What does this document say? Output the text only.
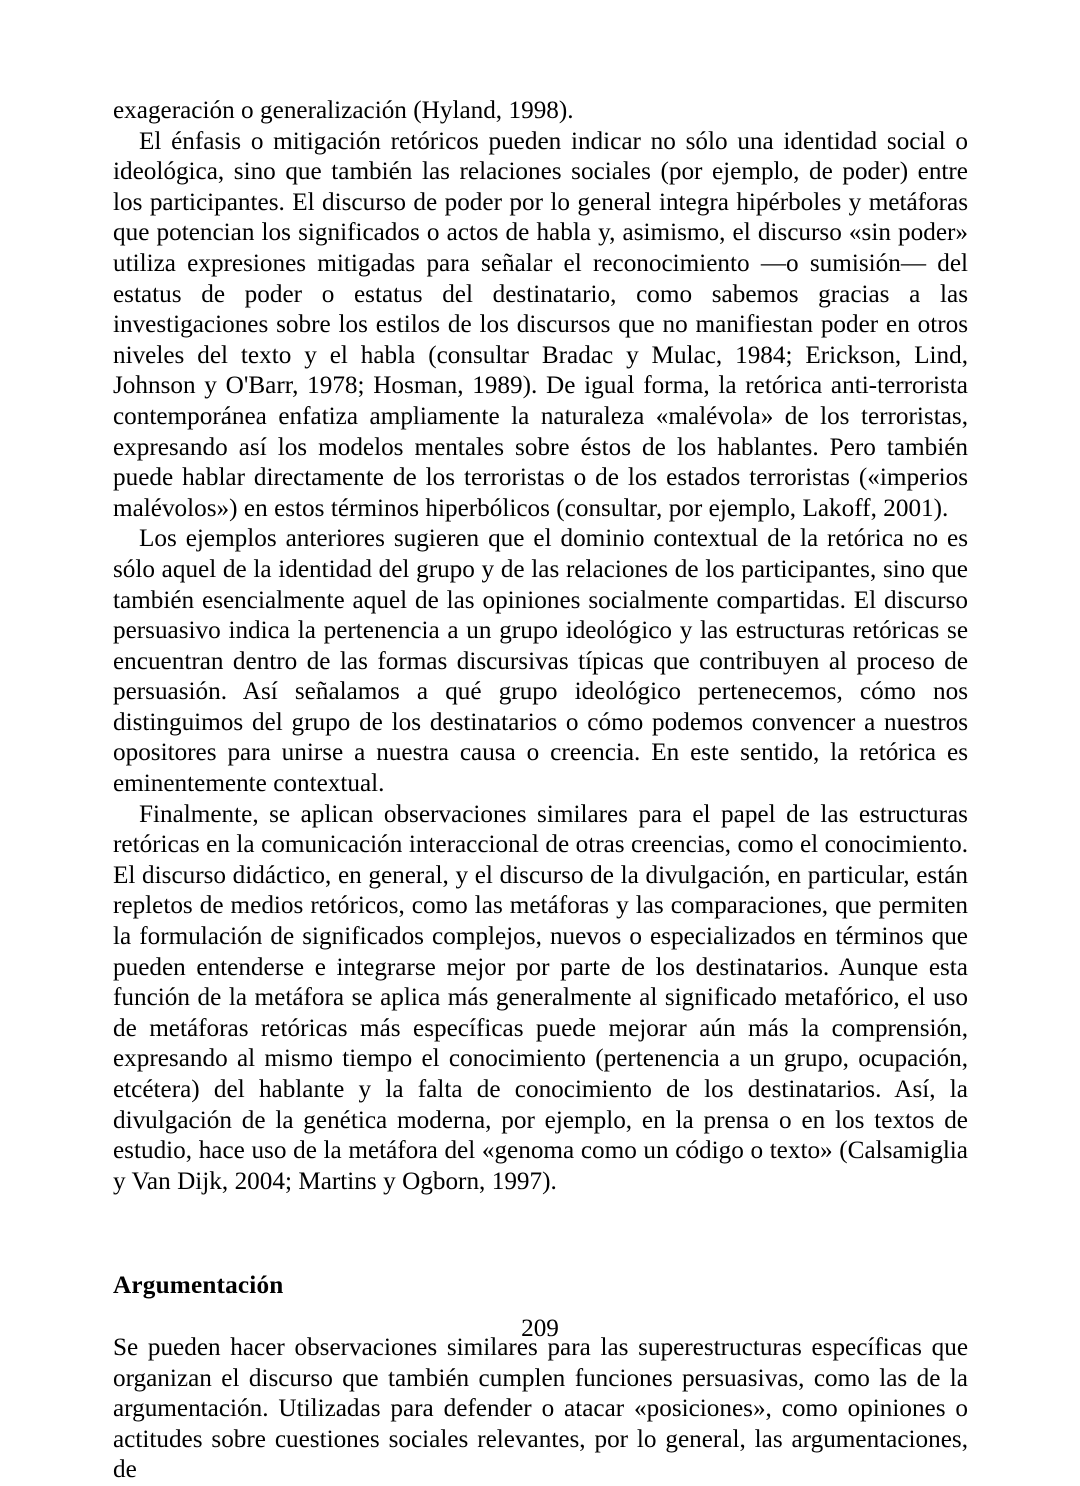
exageración o generalización (Hyland, 1998).

El énfasis o mitigación retóricos pueden indicar no sólo una identidad social o ideológica, sino que también las relaciones sociales (por ejemplo, de poder) entre los participantes. El discurso de poder por lo general integra hipérboles y metáforas que potencian los significados o actos de habla y, asimismo, el discurso «sin poder» utiliza expresiones mitigadas para señalar el reconocimiento —o sumisión— del estatus de poder o estatus del destinatario, como sabemos gracias a las investigaciones sobre los estilos de los discursos que no manifiestan poder en otros niveles del texto y el habla (consultar Bradac y Mulac, 1984; Erickson, Lind, Johnson y O'Barr, 1978; Hosman, 1989). De igual forma, la retórica anti-terrorista contemporánea enfatiza ampliamente la naturaleza «malévola» de los terroristas, expresando así los modelos mentales sobre éstos de los hablantes. Pero también puede hablar directamente de los terroristas o de los estados terroristas («imperios malévolos») en estos términos hiperbólicos (consultar, por ejemplo, Lakoff, 2001).

Los ejemplos anteriores sugieren que el dominio contextual de la retórica no es sólo aquel de la identidad del grupo y de las relaciones de los participantes, sino que también esencialmente aquel de las opiniones socialmente compartidas. El discurso persuasivo indica la pertenencia a un grupo ideológico y las estructuras retóricas se encuentran dentro de las formas discursivas típicas que contribuyen al proceso de persuasión. Así señalamos a qué grupo ideológico pertenecemos, cómo nos distinguimos del grupo de los destinatarios o cómo podemos convencer a nuestros opositores para unirse a nuestra causa o creencia. En este sentido, la retórica es eminentemente contextual.

Finalmente, se aplican observaciones similares para el papel de las estructuras retóricas en la comunicación interaccional de otras creencias, como el conocimiento. El discurso didáctico, en general, y el discurso de la divulgación, en particular, están repletos de medios retóricos, como las metáforas y las comparaciones, que permiten la formulación de significados complejos, nuevos o especializados en términos que pueden entenderse e integrarse mejor por parte de los destinatarios. Aunque esta función de la metáfora se aplica más generalmente al significado metafórico, el uso de metáforas retóricas más específicas puede mejorar aún más la comprensión, expresando al mismo tiempo el conocimiento (pertenencia a un grupo, ocupación, etcétera) del hablante y la falta de conocimiento de los destinatarios. Así, la divulgación de la genética moderna, por ejemplo, en la prensa o en los textos de estudio, hace uso de la metáfora del «genoma como un código o texto» (Calsamiglia y Van Dijk, 2004; Martins y Ogborn, 1997).

Argumentación

Se pueden hacer observaciones similares para las superestructuras específicas que organizan el discurso que también cumplen funciones persuasivas, como las de la argumentación. Utilizadas para defender o atacar «posiciones», como opiniones o actitudes sobre cuestiones sociales relevantes, por lo general, las argumentaciones, de

209
